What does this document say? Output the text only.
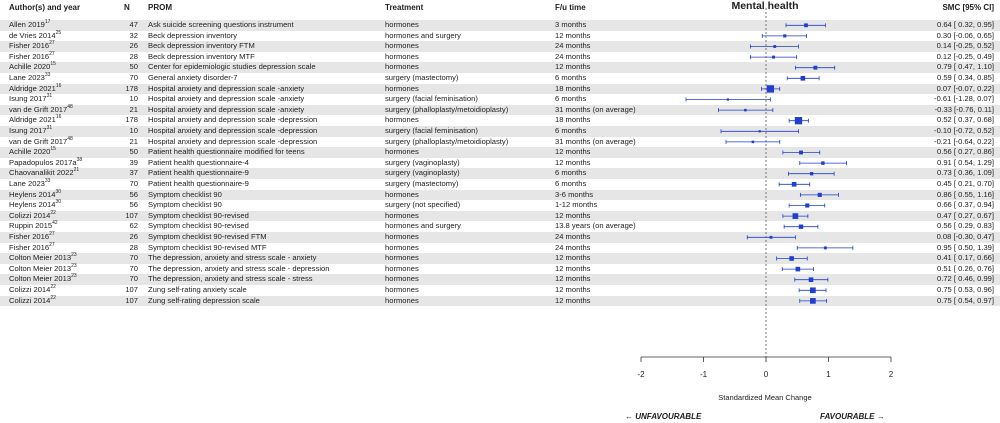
Author(s) and year	N PROM	Treatment	F/u time	SMC [95% CI]
Mental health
Allen 2019$^{17}$	47 Ask suicide screening questions instrument	hormones	3 months	0.64 [ 0.32, 0.95]
de Vries 2014$^{25}$	32 Beck depression inventory	hormones and surgery	12 months	0.30 [-0.06, 0.65]
Fisher 2016$^{27}$	26 Beck depression inventory FTM	hormones	24 months	0.14 [-0.25, 0.52]
Fisher 2016$^{27}$	28 Beck depression inventory MTF	hormones	24 months	0.12 [-0.25, 0.49]
Achille 2020$^{15}$	50 Center for epidemiologic studies depression scale	hormones	12 months	0.79 [ 0.47, 1.10]
Lane 2023$^{33}$	70 General anxiety disorder-7	surgery (mastectomy)	6 months	0.59 [ 0.34, 0.85]
Aldridge 2021$^{16}$	178 Hospital anxiety and depression scale -anxiety	hormones	18 months	0.07 [-0.07, 0.22]
Isung 2017$^{31}$	10 Hospital anxiety and depression scale -anxiety	surgery (facial feminisation)	6 months	-0.61 [-1.28, 0.07]
van de Grift 2017$^{48}$	21 Hospital anxiety and depression scale -anxiety	surgery (phalloplasty/metoidioplasty)	31 months (on average)	-0.33 [-0.76, 0.11]
Aldridge 2021$^{16}$	178 Hospital anxiety and depression scale -depression	hormones	18 months	0.52 [ 0.37, 0.68]
Isung 2017$^{31}$	10 Hospital anxiety and depression scale -depression	surgery (facial feminisation)	6 months	-0.10 [-0.72, 0.52]
van de Grift 2017$^{48}$	21 Hospital anxiety and depression scale -depression	surgery (phalloplasty/metoidioplasty)	31 months (on average)	-0.21 [-0.64, 0.22]
Achille 2020$^{15}$	50 Patient health questionnaire modified for teens	hormones	12 months	0.56 [ 0.27, 0.86]
Papadopulos $2017a^{38}$	39 Patient health questionnaire-4	surgery (vaginoplasty)	12 months	0.91 [ 0.54, 1.29]
Chaovanalikit 2022$^{21}$	37 Patient health questionnaire-9	surgery (vaginoplasty)	6 months	0.73 [ 0.36, 1.09]
Lane 2023$^{33}$	70 Patient health questionnaire-9	surgery (mastectomy)	6 months	0.45 [ 0.21, 0.70]
Heylens 2014$^{30}$	56 Symptom checklist 90	hormones	3-6 months	0.86 [ 0.55, 1.16]
Heylens 2014$^{30}$	56 Symptom checklist 90	surgery (not specified)	1-12 months	0.66 [ 0.37, 0.94]
Colizzi 2014$^{22}$	107 Symptom checklist 90-revised	hormones	12 months	0.47 [ 0.27, 0.67]
Ruppin 2015$^{42}$	62 Symptom checklist 90-revised	hormones and surgery	13.8 years (on average)	0.56 [ 0.29, 0.83]
Fisher 2016$^{27}$	26 Symptom checklist 90-revised FTM	hormones	24 months	0.08 [-0.30, 0.47]
Fisher 2016$^{27}$	28 Symptom checklist 90-revised MTF	hormones	24 months	0.95 [ 0.50, 1.39]
Colton Meier 2013$^{23}$	70 The depression, anxiety and stress scale - anxiety	hormones	12 months	0.41 [ 0.17, 0.66]
Colton Meier 2013$^{23}$	70 The depression, anxiety and stress scale - depression	hormones	12 months	0.51 [ 0.26, 0.76]
Colton Meier 2013$^{23}$	70 The depression, anxiety and stress scale - stress	hormones	12 months	0.72 [ 0.46, 0.99]
Colizzi 2014$^{22}$	107 Zung self-rating anxiety scale	hormones	12 months	0.75 [ 0.53, 0.96]
Colizzi 2014$^{22}$	107 Zung self-rating depression scale	hormones	12 months	0.75 [ 0.54, 0.97]
-2	-1	0	1	2
Standardized Mean Change
← UNFAVOURABLE	FAVOURABLE →
